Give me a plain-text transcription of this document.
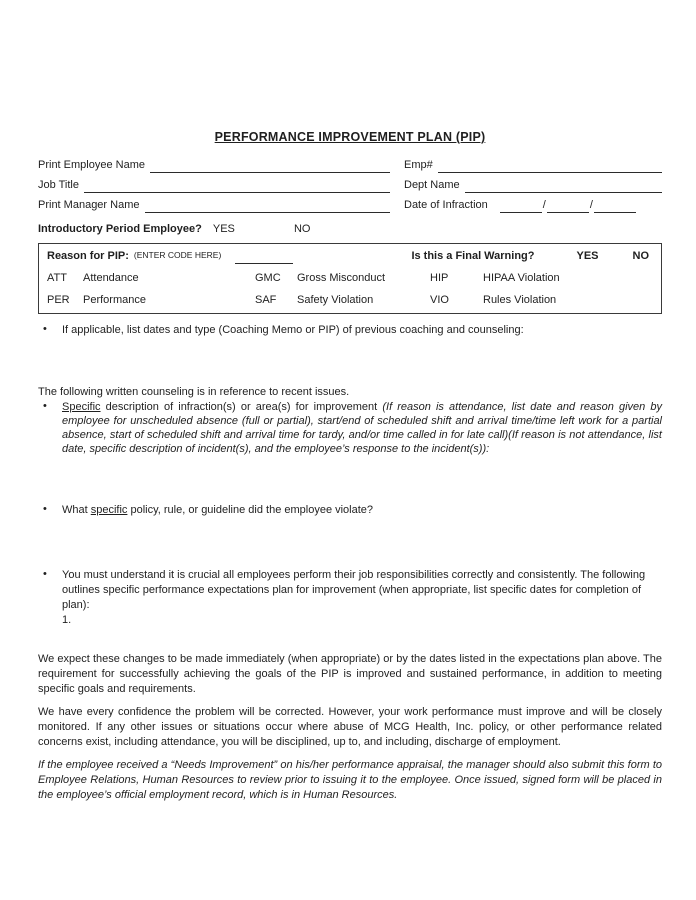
PERFORMANCE IMPROVEMENT PLAN (PIP)
Print Employee Name	Emp#
Job Title	Dept Name
Print Manager Name	Date of Infraction	/	/
Introductory Period Employee? YES	NO
Reason for PIP: (ENTER CODE HERE)	Is this a Final Warning?	YES	NO
ATT	Attendance	GMC	Gross Misconduct	HIP	HIPAA Violation
PER	Performance	SAF	Safety Violation	VIO	Rules Violation
• If applicable, list dates and type (Coaching Memo or PIP) of previous coaching and counseling:

The following written counseling is in reference to recent issues.

• Specific description of infraction(s) or area(s) for improvement (If reason is attendance, list date and reason given by employee for unscheduled absence (full or partial), start/end of scheduled shift and arrival time/time left work for a partial absence, start of scheduled shift and arrival time for tardy, and/or time called in for late call)(If reason is not attendance, list date, specific description of incident(s), and the employee’s response to the incident(s)):
• What specific policy, rule, or guideline did the employee violate?
• You must understand it is crucial all employees perform their job responsibilities correctly and consistently. The following outlines specific performance expectations plan for improvement (when appropriate, list specific dates for completion of plan):
1.

We expect these changes to be made immediately (when appropriate) or by the dates listed in the expectations plan above. The requirement for successfully achieving the goals of the PIP is improved and sustained performance, in addition to meeting specific goals and requirements.

We have every confidence the problem will be corrected. However, your work performance must improve and will be closely monitored. If any other issues or situations occur where abuse of MCG Health, Inc. policy, or other performance related concerns exist, including attendance, you will be disciplined, up to, and including, discharge of employment.

If the employee received a “Needs Improvement” on his/her performance appraisal, the manager should also submit this form to Employee Relations, Human Resources to review prior to issuing it to the employee. Once issued, signed form will be placed in the employee’s official employment record, which is in Human Resources.
